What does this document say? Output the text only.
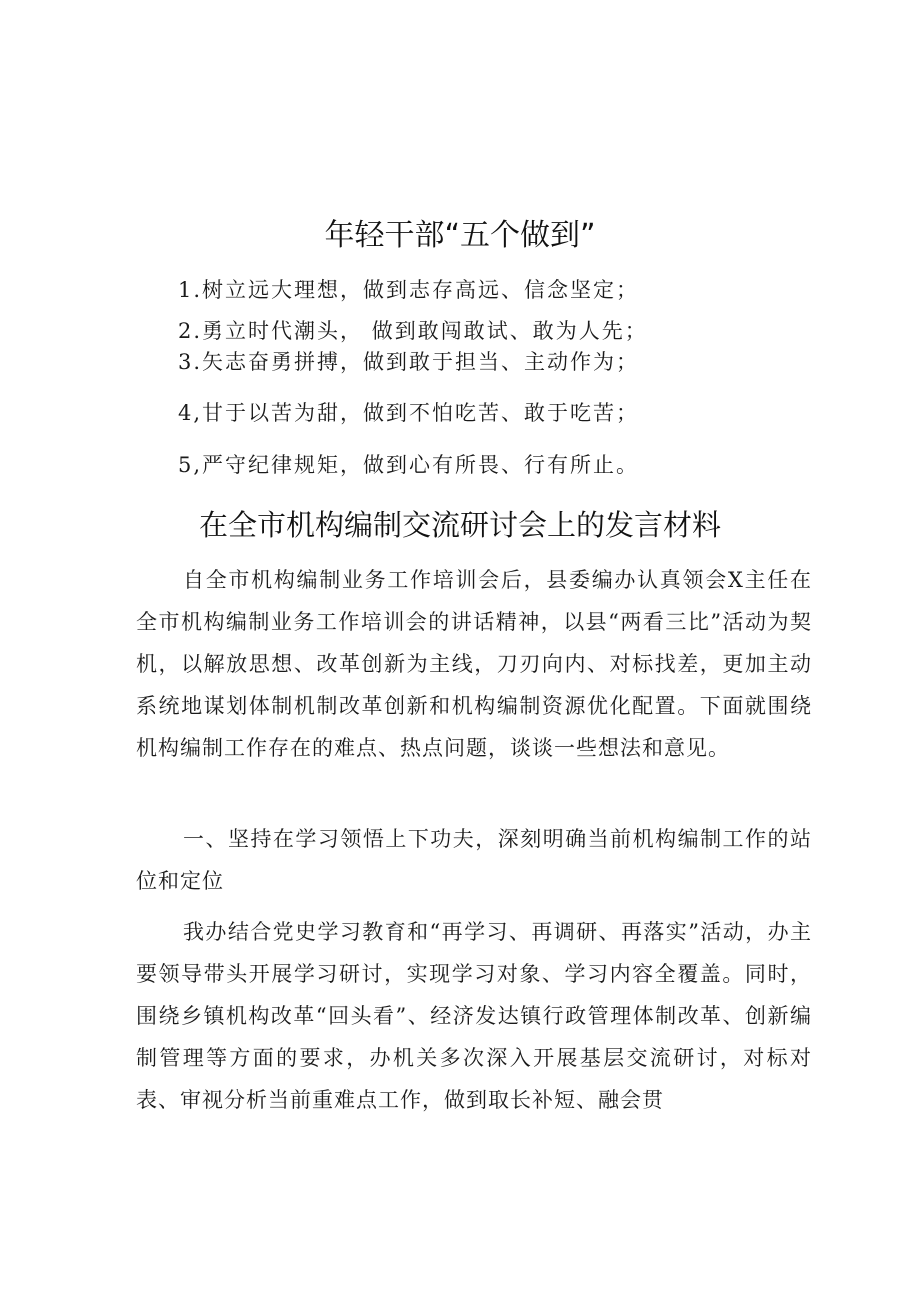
年轻干部“五个做到”
1.树立远大理想，做到志存高远、信念坚定；
2.勇立时代潮头， 做到敢闯敢试、敢为人先；
3.矢志奋勇拼搏，做到敢于担当、主动作为；
4,甘于以苦为甜，做到不怕吃苦、敢于吃苦；
5,严守纪律规矩，做到心有所畏、行有所止。
在全市机构编制交流研讨会上的发言材料
自全市机构编制业务工作培训会后，县委编办认真领会X主任在全市机构编制业务工作培训会的讲话精神，以县“两看三比”活动为契机，以解放思想、改革创新为主线，刀刃向内、对标找差，更加主动系统地谋划体制机制改革创新和机构编制资源优化配置。下面就围绕机构编制工作存在的难点、热点问题，谈谈一些想法和意见。
一、坚持在学习领悟上下功夫，深刻明确当前机构编制工作的站位和定位
我办结合党史学习教育和“再学习、再调研、再落实”活动，办主要领导带头开展学习研讨，实现学习对象、学习内容全覆盖。同时，围绕乡镇机构改革“回头看”、经济发达镇行政管理体制改革、创新编制管理等方面的要求，办机关多次深入开展基层交流研讨，对标对表、审视分析当前重难点工作，做到取长补短、融会贯
